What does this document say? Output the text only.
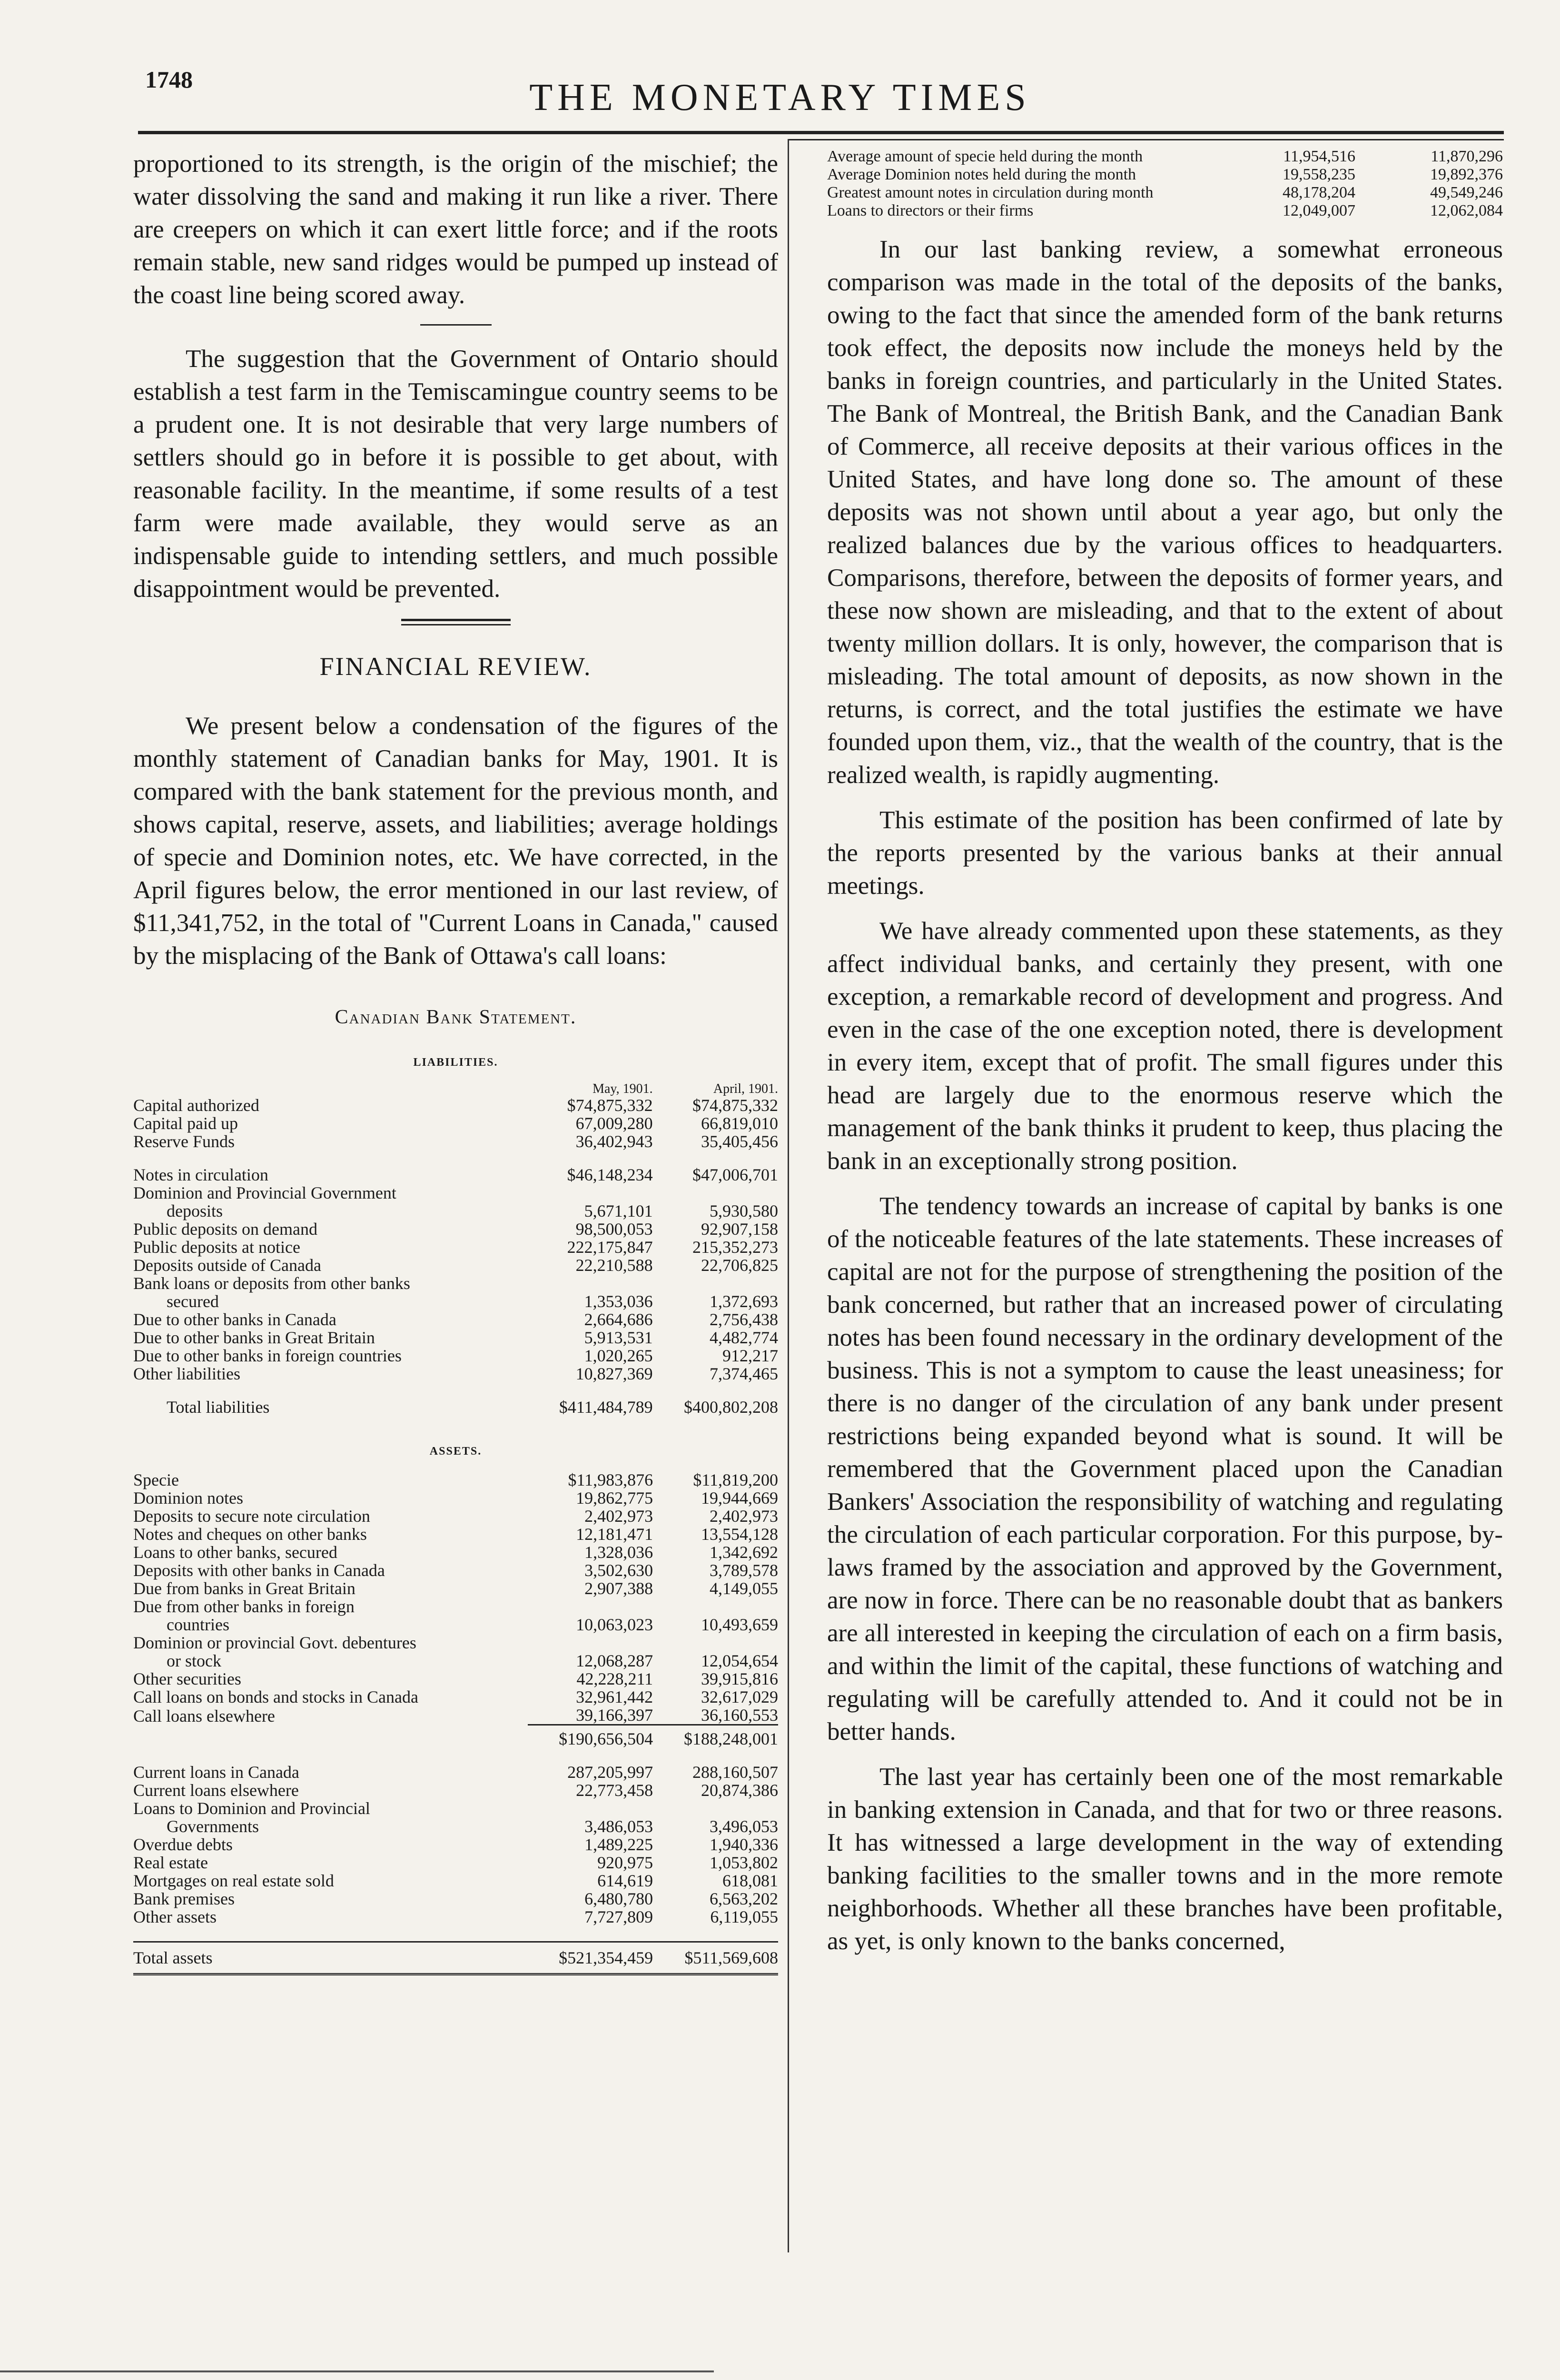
1748	THE MONETARY TIMES

proportioned to its strength, is the origin of the mischief; the water dissolving the sand and making it run like a river. There are creepers on which it can exert little force; and if the roots remain stable, new sand ridges would be pumped up instead of the coast line being scored away.

The suggestion that the Government of Ontario should establish a test farm in the Temiscamingue country seems to be a prudent one. It is not desirable that very large numbers of settlers should go in before it is possible to get about, with reasonable facility. In the meantime, if some results of a test farm were made available, they would serve as an indispensable guide to intending settlers, and much possible disappointment would be prevented.

FINANCIAL REVIEW.

We present below a condensation of the figures of the monthly statement of Canadian banks for May, 1901. It is compared with the bank statement for the previous month, and shows capital, reserve, assets, and liabilities; average holdings of specie and Dominion notes, etc. We have corrected, in the April figures below, the error mentioned in our last review, of $11,341,752, in the total of "Current Loans in Canada," caused by the misplacing of the Bank of Ottawa's call loans:

Canadian Bank Statement.
LIABILITIES.
	May, 1901.	April, 1901.
Capital authorized	$74,875,332	$74,875,332
Capital paid up	67,009,280	66,819,010
Reserve Funds	36,402,943	35,405,456

Notes in circulation	$46,148,234	$47,006,701
Dominion and Provincial Government		
deposits	5,671,101	5,930,580
Public deposits on demand	98,500,053	92,907,158
Public deposits at notice	222,175,847	215,352,273
Deposits outside of Canada	22,210,588	22,706,825
Bank loans or deposits from other banks		
secured	1,353,036	1,372,693
Due to other banks in Canada	2,664,686	2,756,438
Due to other banks in Great Britain	5,913,531	4,482,774
Due to other banks in foreign countries	1,020,265	912,217
Other liabilities	10,827,369	7,374,465

Total liabilities	$411,484,789	$400,802,208

ASSETS.
Specie	$11,983,876	$11,819,200
Dominion notes	19,862,775	19,944,669
Deposits to secure note circulation	2,402,973	2,402,973
Notes and cheques on other banks	12,181,471	13,554,128
Loans to other banks, secured	1,328,036	1,342,692
Deposits with other banks in Canada	3,502,630	3,789,578
Due from banks in Great Britain	2,907,388	4,149,055
Due from other banks in foreign		
countries	10,063,023	10,493,659
Dominion or provincial Govt. debentures		
or stock	12,068,287	12,054,654
Other securities	42,228,211	39,915,816
Call loans on bonds and stocks in Canada	32,961,442	32,617,029
Call loans elsewhere	39,166,397	36,160,553
	$190,656,504	$188,248,001

Current loans in Canada	287,205,997	288,160,507
Current loans elsewhere	22,773,458	20,874,386
Loans to Dominion and Provincial		
Governments	3,486,053	3,496,053
Overdue debts	1,489,225	1,940,336
Real estate	920,975	1,053,802
Mortgages on real estate sold	614,619	618,081
Bank premises	6,480,780	6,563,202
Other assets	7,727,809	6,119,055

Total assets	$521,354,459	$511,569,608
Average amount of specie held during the month	11,954,516	11,870,296
Average Dominion notes held during the month	19,558,235	19,892,376
Greatest amount notes in circulation during month	48,178,204	49,549,246
Loans to directors or their firms	12,049,007	12,062,084

In our last banking review, a somewhat erroneous comparison was made in the total of the deposits of the banks, owing to the fact that since the amended form of the bank returns took effect, the deposits now include the moneys held by the banks in foreign countries, and particularly in the United States. The Bank of Montreal, the British Bank, and the Canadian Bank of Commerce, all receive deposits at their various offices in the United States, and have long done so. The amount of these deposits was not shown until about a year ago, but only the realized balances due by the various offices to headquarters. Comparisons, therefore, between the deposits of former years, and these now shown are misleading, and that to the extent of about twenty million dollars. It is only, however, the comparison that is misleading. The total amount of deposits, as now shown in the returns, is correct, and the total justifies the estimate we have founded upon them, viz., that the wealth of the country, that is the realized wealth, is rapidly augmenting.

This estimate of the position has been confirmed of late by the reports presented by the various banks at their annual meetings.

We have already commented upon these statements, as they affect individual banks, and certainly they present, with one exception, a remarkable record of development and progress. And even in the case of the one exception noted, there is development in every item, except that of profit. The small figures under this head are largely due to the enormous reserve which the management of the bank thinks it prudent to keep, thus placing the bank in an exceptionally strong position.

The tendency towards an increase of capital by banks is one of the noticeable features of the late statements. These increases of capital are not for the purpose of strengthening the position of the bank concerned, but rather that an increased power of circulating notes has been found necessary in the ordinary development of the business. This is not a symptom to cause the least uneasiness; for there is no danger of the circulation of any bank under present restrictions being expanded beyond what is sound. It will be remembered that the Government placed upon the Canadian Bankers' Association the responsibility of watching and regulating the circulation of each particular corporation. For this purpose, by-laws framed by the association and approved by the Government, are now in force. There can be no reasonable doubt that as bankers are all interested in keeping the circulation of each on a firm basis, and within the limit of the capital, these functions of watching and regulating will be carefully attended to. And it could not be in better hands.

The last year has certainly been one of the most remarkable in banking extension in Canada, and that for two or three reasons. It has witnessed a large development in the way of extending banking facilities to the smaller towns and in the more remote neighborhoods. Whether all these branches have been profitable, as yet, is only known to the banks concerned,
